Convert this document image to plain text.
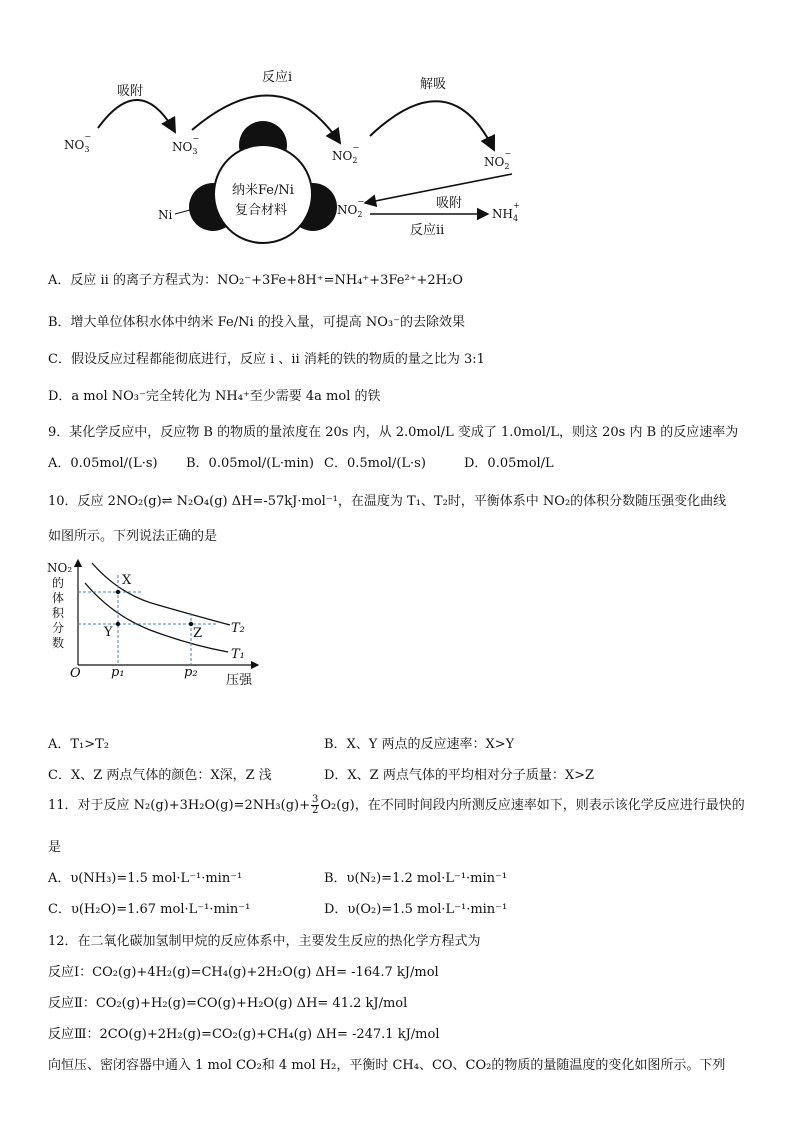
吸附
反应i	解吸
NO
$_{- 3}$	NO
$_{- 3}$	NO
$_{- 2}$	NO
$_{- 2}$
NO
$_{- 2}$	NH
$_{+ 4}$
Ni
纳米Fe/Ni
复合材料	吸附
反应ii
A．反应 ii 的离子方程式为：NO₂⁻+3Fe+8H⁺=NH₄⁺+3Fe²⁺+2H₂O
B．增大单位体积水体中纳米 Fe/Ni 的投入量，可提高 NO₃⁻的去除效果
C．假设反应过程都能彻底进行，反应 ⅰ 、ⅱ 消耗的铁的物质的量之比为 3:1
D．a mol NO₃⁻完全转化为 NH₄⁺至少需要 4a mol 的铁
9．某化学反应中，反应物 B 的物质的量浓度在 20s 内，从 2.0mol/L 变成了 1.0mol/L，则这 20s 内 B 的反应速率为
A．0.05mol/(L·s) B．0.05mol/(L·min) C．0.5mol/(L·s)	D．0.05mol/L
10．反应 2NO₂(g)⇌ N₂O₄(g) ΔH=-57kJ·mol⁻¹，在温度为 T₁、T₂时，平衡体系中 NO₂的体积分数随压强变化曲线
如图所示。下列说法正确的是
NO₂的体积分数
X
Y	Z T₂
T₁
O p₁	p₂
压强
A．T₁>T₂	B．X、Y 两点的反应速率：X>Y
C．X、Z 两点气体的颜色：X深，Z 浅	D．X、Z 两点气体的平均相对分子质量：X>Z
11．对于反应 $N_2(g)+3H_2O(g)=2NH_3(g)+ \frac{3}{2} O_2(g)$，在不同时间段内所测反应速率如下，则表示该化学反应进行最快的
是
A．υ(NH₃)=1.5 mol·L⁻¹·min⁻¹	B．υ(N₂)=1.2 mol·L⁻¹·min⁻¹
C．υ(H₂O)=1.67 mol·L⁻¹·min⁻¹	D．υ(O₂)=1.5 mol·L⁻¹·min⁻¹
12．在二氧化碳加氢制甲烷的反应体系中，主要发生反应的热化学方程式为
反应Ⅰ：CO₂(g)+4H₂(g)=CH₄(g)+2H₂O(g) ΔH= -164.7 kJ/mol
反应Ⅱ：CO₂(g)+H₂(g)=CO(g)+H₂O(g) ΔH= 41.2 kJ/mol
反应Ⅲ：2CO(g)+2H₂(g)=CO₂(g)+CH₄(g) ΔH= -247.1 kJ/mol
向恒压、密闭容器中通入 1 mol CO₂和 4 mol H₂，平衡时 CH₄、CO、CO₂的物质的量随温度的变化如图所示。下列
